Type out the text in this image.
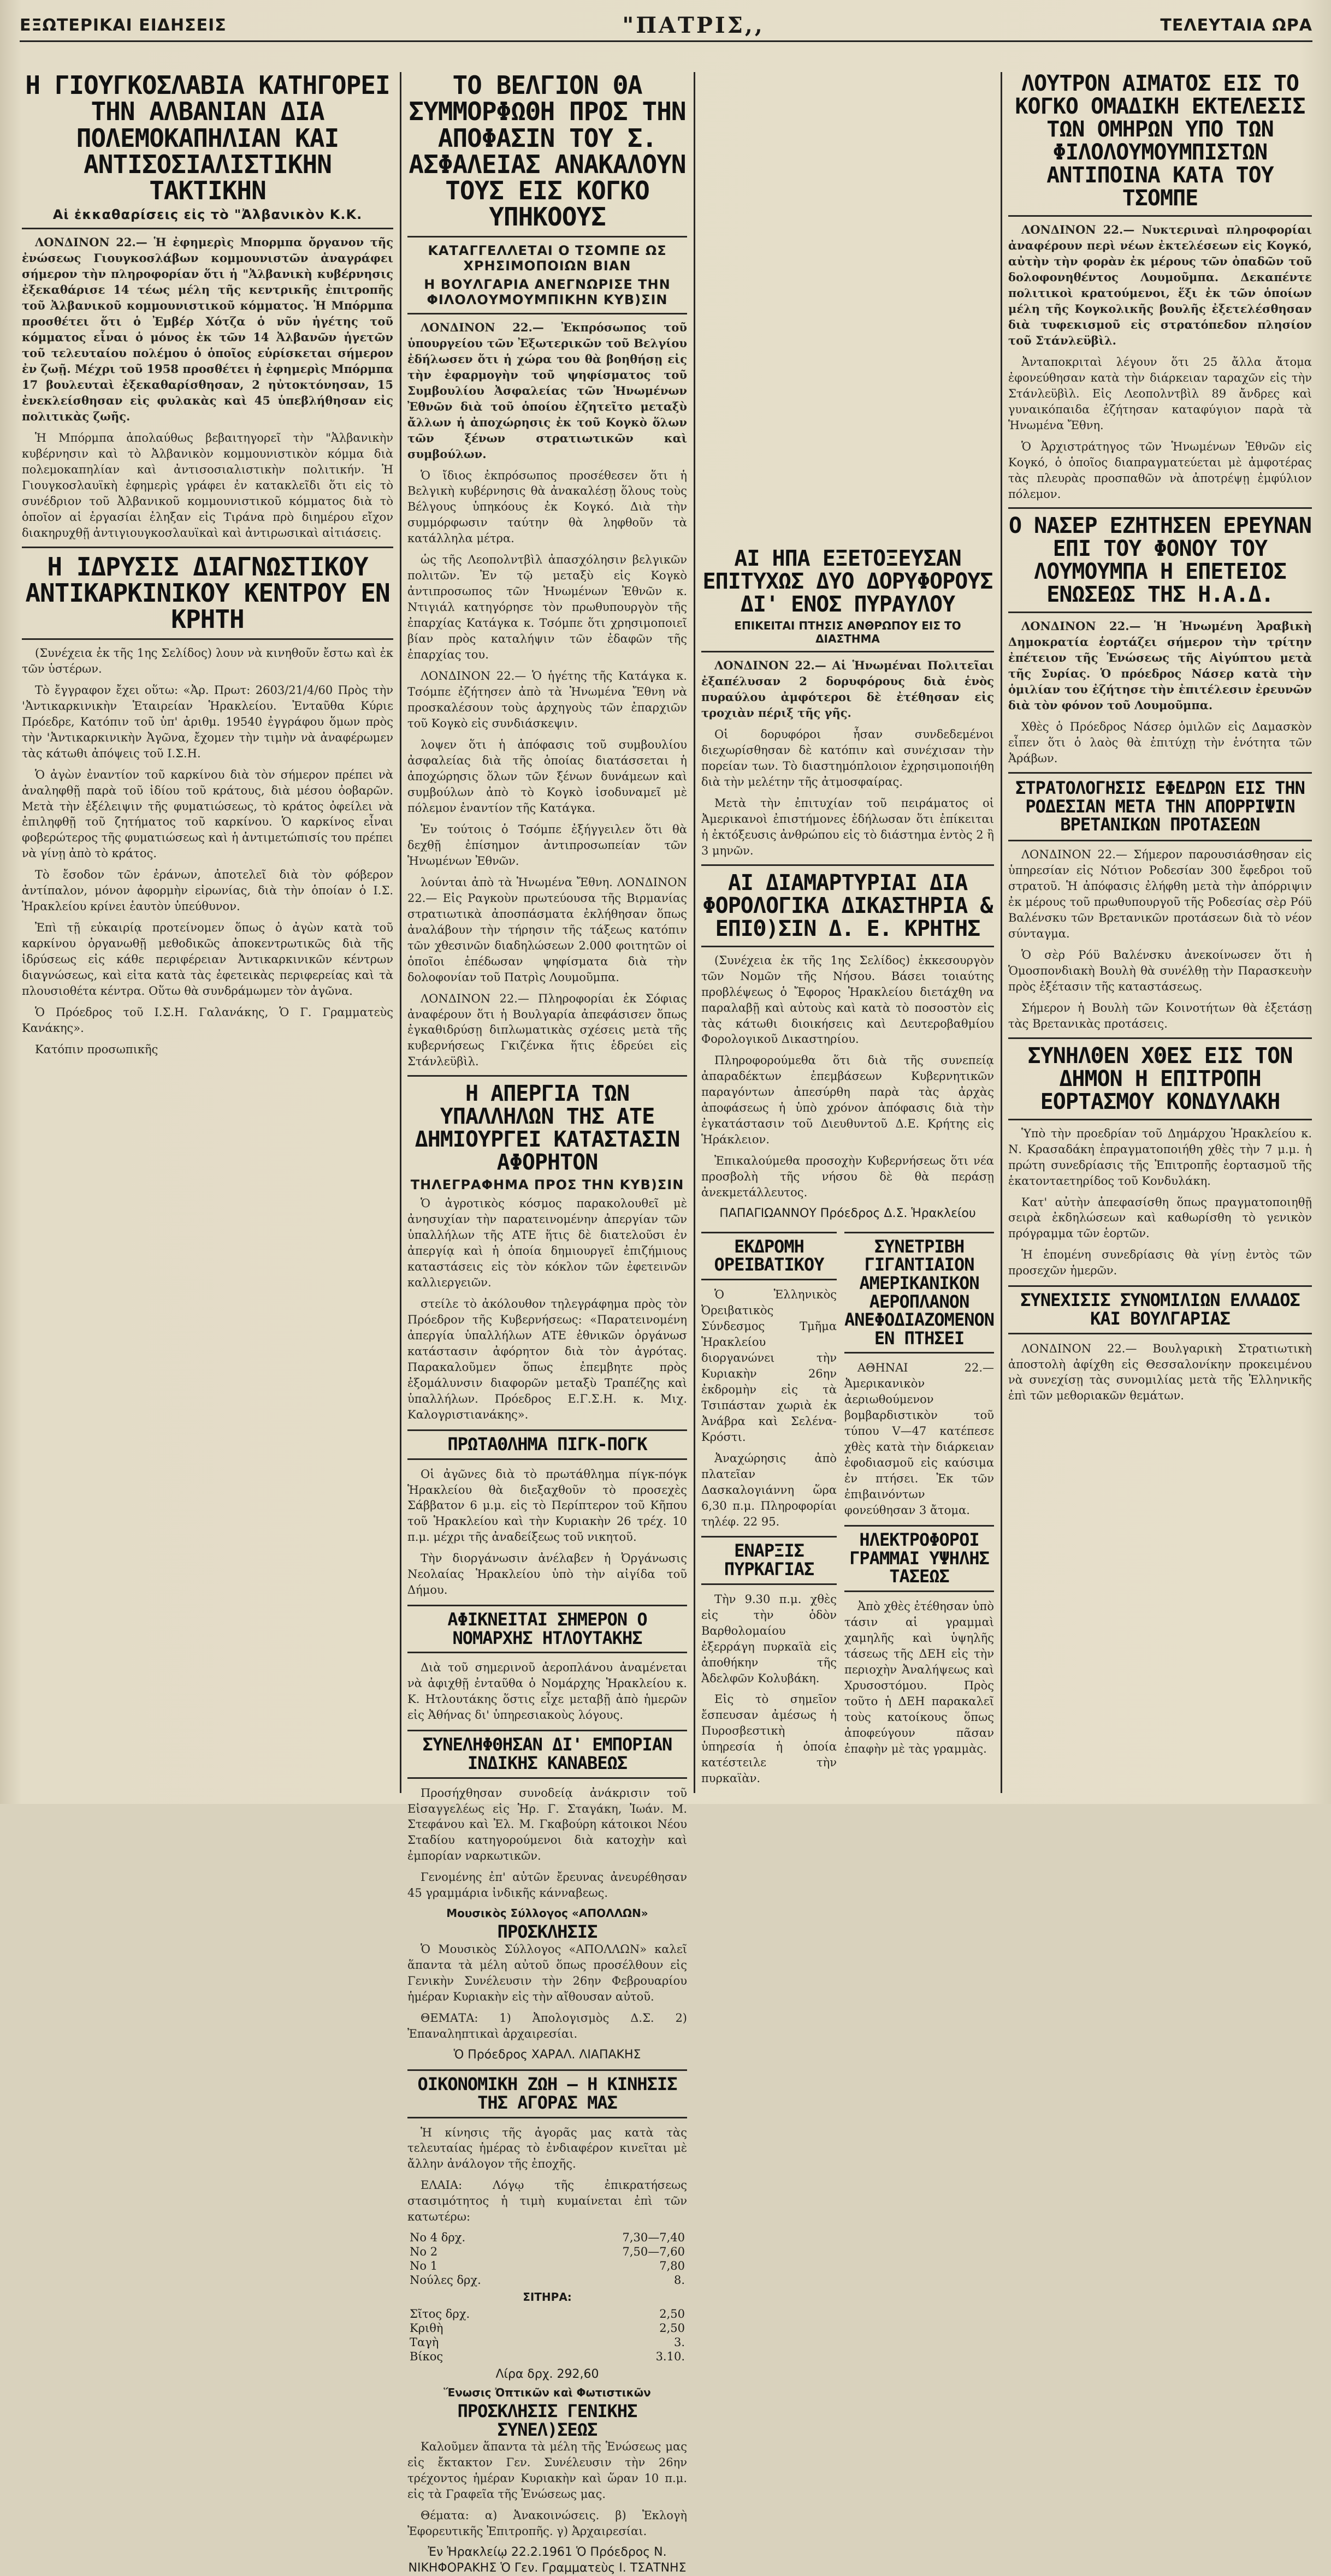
ΕΞΩΤΕΡΙΚΑΙ ΕΙΔΗΣΕΙΣ	"ΠΑΤΡΙΣ,,	ΤΕΛΕΥΤΑΙΑ ΩΡΑ
Η ΓΙΟΥΓΚΟΣΛΑΒΙΑ ΚΑΤΗΓΟΡΕΙ ΤΗΝ ΑΛΒΑΝΙΑΝ ΔΙΑ ΠΟΛΕΜΟΚΑΠΗΛΙΑΝ ΚΑΙ ΑΝΤΙΣΟΣΙΑΛΙΣΤΙΚΗΝ ΤΑΚΤΙΚΗΝ
Αἱ ἐκκαθαρίσεις εἰς τὸ "Ἀλβανικὸν Κ.Κ.

ΛΟΝΔΙΝΟΝ 22.— Ἡ ἐφημερὶς Μπορμπα ὄργανον τῆς ἐνώσεως Γιουγκοσλάβων κομμουνιστῶν ἀναγράφει σήμερον τὴν πληροφορίαν ὅτι ἡ "Ἀλβανικὴ κυβέρνησις ἐξεκαθάρισε 14 τέως μέλη τῆς κεντρικῆς ἐπιτροπῆς τοῦ Ἀλβανικοῦ κομμουνιστικοῦ κόμματος. Ἡ Μπόρμπα προσθέτει ὅτι ὁ Ἐμβέρ Χότζα ὁ νῦν ἡγέτης τοῦ κόμματος εἶναι ὁ μόνος ἐκ τῶν 14 Ἀλβανῶν ἡγετῶν τοῦ τελευταίου πολέμου ὁ ὁποῖος εὑρίσκεται σήμερον ἐν ζωῇ. Μέχρι τοῦ 1958 προσθέτει ἡ ἐφημερὶς Μπόρμπα 17 βουλευταὶ ἐξεκαθαρίσθησαν, 2 ηὐτοκτόνησαν, 15 ἐνεκλείσθησαν εἰς φυλακὰς καὶ 45 ὑπεβλήθησαν εἰς πολιτικὰς ζωῆς.

Ἡ Μπόρμπα ἀπολαύθως βεβαιτηγορεῖ τὴν "Ἀλβανικὴν κυβέρνησιν καὶ τὸ Ἀλβανικὸν κομμουνιστικὸν κόμμα διὰ πολεμοκαπηλίαν καὶ ἀντισοσιαλιστικὴν πολιτικήν. Ἡ Γιουγκοσλαυϊκὴ ἐφημερὶς γράφει ἐν κατακλεῖδι ὅτι εἰς τὸ συνέδριον τοῦ Ἀλβανικοῦ κομμουνιστικοῦ κόμματος διὰ τὸ ὁποῖον αἱ ἐργασίαι ἐληξαν εἰς Τιράνα πρὸ διημέρου εἴχον διακηρυχθῇ ἀντιγιουγκοσλαυϊκαὶ καὶ ἀντιρωσικαὶ αἰτιάσεις.

Η ΙΔΡΥΣΙΣ ΔΙΑΓΝΩΣΤΙΚΟΥ ΑΝΤΙΚΑΡΚΙΝΙΚΟΥ ΚΕΝΤΡΟΥ ΕΝ ΚΡΗΤΗ

(Συνέχεια ἐκ τῆς 1ης Σελίδος) λουν νὰ κινηθοῦν ἔστω καὶ ἐκ τῶν ὑστέρων.

Τὸ ἔγγραφον ἔχει οὕτω: «Ἀρ. Πρωτ: 2603/21/4/60 Πρὸς τὴν 'Ἀντικαρκινικὴν Ἑταιρείαν Ἡρακλείου. Ἐνταῦθα Κύριε Πρόεδρε, Κατόπιν τοῦ ὑπ' ἀριθμ. 19540 ἐγγράφου ὅμων πρὸς τὴν 'Ἀντικαρκινικὴν Ἀγῶνα, ἔχομεν τὴν τιμὴν νὰ ἀναφέρωμεν τὰς κάτωθι ἀπόψεις τοῦ Ι.Σ.Η.

Ὁ ἀγὼν ἐναντίον τοῦ καρκίνου διὰ τὸν σήμερον πρέπει νὰ ἀναληφθῇ παρὰ τοῦ ἰδίου τοῦ κράτους, διὰ μέσου ὀοβαρῶν. Μετὰ τὴν ἐξέλειψιν τῆς φυματιώσεως, τὸ κράτος ὀφείλει νὰ ἐπιληφθῇ τοῦ ζητήματος τοῦ καρκίνου. Ὁ καρκίνος εἶναι φοβερώτερος τῆς φυματιώσεως καὶ ἡ ἀντιμετώπισίς του πρέπει νὰ γίνῃ ἀπὸ τὸ κράτος.

Τὸ ἔσοδον τῶν ἐράνων, ἀποτελεῖ διὰ τὸν φόβερον ἀντίπαλον, μόνον ἀφορμὴν εἰρωνίας, διὰ τὴν ὁποίαν ὁ Ι.Σ. Ἡρακλείου κρίνει ἑαυτὸν ὑπεύθυνον.

Ἐπὶ τῇ εὐκαιρίᾳ προτείνομεν ὅπως ὁ ἀγὼν κατὰ τοῦ καρκίνου ὀργανωθῇ μεθοδικῶς ἀποκεντρωτικῶς διὰ τῆς ἱδρύσεως εἰς κάθε περιφέρειαν Ἀντικαρκινικῶν κέντρων διαγνώσεως, καὶ εἰτα κατὰ τὰς ἐφετεικὰς περιφερείας καὶ τὰ πλουσιοθέτα κέντρα. Οὕτω θὰ συνδράμωμεν τὸν ἀγῶνα.

Ὁ Πρόεδρος τοῦ Ι.Σ.Η. Γαλανάκης, Ὁ Γ. Γραμματεὺς Κανάκης».

Κατόπιν προσωπικῆς

ΤΟ ΒΕΛΓΙΟΝ ΘΑ ΣΥΜΜΟΡΦΩΘΗ ΠΡΟΣ ΤΗΝ ΑΠΟΦΑΣΙΝ ΤΟΥ Σ. ΑΣΦΑΛΕΙΑΣ ΑΝΑΚΑΛΟΥΝ ΤΟΥΣ ΕΙΣ ΚΟΓΚΟ ΥΠΗΚΟΟΥΣ
ΚΑΤΑΓΓΕΛΛΕΤΑΙ Ο ΤΣΟΜΠΕ ΩΣ ΧΡΗΣΙΜΟΠΟΙΩΝ ΒΙΑΝ
Η ΒΟΥΛΓΑΡΙΑ ΑΝΕΓΝΩΡΙΣΕ ΤΗΝ ΦΙΛΟΛΟΥΜΟΥΜΠΙΚΗΝ ΚΥΒ)ΣΙΝ

ΛΟΝΔΙΝΟΝ 22.— Ἐκπρόσωπος τοῦ ὑπουργείου τῶν Ἐξωτερικῶν τοῦ Βελγίου ἐδήλωσεν ὅτι ἡ χώρα του θὰ βοηθήσῃ εἰς τὴν ἐφαρμογὴν τοῦ ψηφίσματος τοῦ Συμβουλίου Ἀσφαλείας τῶν Ἡνωμένων Ἐθνῶν διὰ τοῦ ὁποίου ἐζητεῖτο μεταξὺ ἄλλων ἡ ἀποχώρησις ἐκ τοῦ Κογκὸ ὅλων τῶν ξένων στρατιωτικῶν καὶ συμβούλων.

Ὁ ἴδιος ἐκπρόσωπος προσέθεσεν ὅτι ἡ Βελγικὴ κυβέρνησις θὰ ἀνακαλέσῃ ὅλους τοὺς Βέλγους ὑπηκόους ἐκ Κογκό. Διὰ τὴν συμμόρφωσιν ταύτην θὰ ληφθοῦν τὰ κατάλληλα μέτρα.

ὡς τῆς Λεοπολντβὶλ ἀπασχόλησιν βελγικῶν πολιτῶν. Ἐν τῷ μεταξὺ εἰς Κογκὸ ἀντιπροσωπος τῶν Ἡνωμένων Ἐθνῶν κ. Ντιγιάλ κατηγόρησε τὸν πρωθυπουργὸν τῆς ἐπαρχίας Κατάγκα κ. Τσόμπε ὅτι χρησιμοποιεῖ βίαν πρὸς καταλήψιν τῶν ἐδαφῶν τῆς ἐπαρχίας του.

ΛΟΝΔΙΝΟΝ 22.— Ὁ ἡγέτης τῆς Κατάγκα κ. Τσόμπε ἐζήτησεν ἀπὸ τὰ Ἡνωμένα Ἔθνη νὰ προσκαλέσουν τοὺς ἀρχηγοὺς τῶν ἐπαρχιῶν τοῦ Κογκὸ εἰς συνδιάσκεψιν.

λοψεν ὅτι ἡ ἀπόφασις τοῦ συμβουλίου ἀσφαλείας διὰ τῆς ὁποίας διατάσσεται ἡ ἀποχώρησις ὅλων τῶν ξένων δυνάμεων καὶ συμβούλων ἀπὸ τὸ Κογκὸ ἰσοδυναμεῖ μὲ πόλεμον ἐναντίον τῆς Κατάγκα.

Ἐν τούτοις ὁ Τσόμπε ἐξήγγειλεν ὅτι θὰ δεχθῇ ἐπίσημον ἀντιπροσωπείαν τῶν Ἡνωμένων Ἐθνῶν.

λούνται ἀπὸ τὰ Ἡνωμένα Ἔθνη. ΛΟΝΔΙΝΟΝ 22.— Εἰς Ραγκοὺν πρωτεύουσα τῆς Βιρμανίας στρατιωτικὰ ἀποσπάσματα ἐκλήθησαν ὅπως ἀναλάβουν τὴν τήρησιν τῆς τάξεως κατόπιν τῶν χθεσινῶν διαδηλώσεων 2.000 φοιτητῶν οἱ ὁποῖοι ἐπέδωσαν ψηφίσματα διὰ τὴν δολοφονίαν τοῦ Πατρὶς Λουμοῦμπα.

ΛΟΝΔΙΝΟΝ 22.— Πληροφορίαι ἐκ Σόφιας ἀναφέρουν ὅτι ἡ Βουλγαρία ἀπεφάσισεν ὅπως ἐγκαθιδρύσῃ διπλωματικὰς σχέσεις μετὰ τῆς κυβερνήσεως Γκιζένκα ἥτις ἑδρεύει εἰς Στάνλεϋβὶλ.

Η ΑΠΕΡΓΙΑ ΤΩΝ ΥΠΑΛΛΗΛΩΝ ΤΗΣ ΑΤΕ ΔΗΜΙΟΥΡΓΕΙ ΚΑΤΑΣΤΑΣΙΝ ΑΦΟΡΗΤΟΝ
ΤΗΛΕΓΡΑΦΗΜΑ ΠΡΟΣ ΤΗΝ ΚΥΒ)ΣΙΝ

Ὁ ἀγροτικὸς κόσμος παρακολουθεῖ μὲ ἀνησυχίαν τὴν παρατεινομένην ἀπεργίαν τῶν ὑπαλλήλων τῆς ΑΤΕ ἥτις δὲ διατελοῦσι ἐν ἀπεργίᾳ καὶ ἡ ὁποία δημιουργεῖ ἐπιζήμιους καταστάσεις εἰς τὸν κόκλον τῶν ἐφετεινῶν καλλιεργειῶν.

στείλε τὸ ἀκόλουθον τηλεγράφημα πρὸς τὸν Πρόεδρον τῆς Κυβερνήσεως: «Παρατεινομένη ἀπεργία ὑπαλλήλων ΑΤΕ ἐθνικῶν ὀργάνωσ κατάστασιν ἀφόρητον διὰ τὸν ἀγρότας. Παρακαλοῦμεν ὅπως ἐπεμβητε πρὸς ἐξομάλυνσιν διαφορῶν μεταξὺ Τραπέζης καὶ ὑπαλλήλων. Πρόεδρος Ε.Γ.Σ.Η. κ. Μιχ. Καλογριστιανάκης».

ΠΡΩΤΑΘΛΗΜΑ ΠΙΓΚ-ΠΟΓΚ

Οἱ ἀγῶνες διὰ τὸ πρωτάθλημα πίγκ-πόγκ Ἡρακλείου θὰ διεξαχθοῦν τὸ προσεχὲς Σάββατον 6 μ.μ. εἰς τὸ Περίπτερον τοῦ Κῆπου τοῦ Ἡρακλείου καὶ τὴν Κυριακὴν 26 τρέχ. 10 π.μ. μέχρι τῆς ἀναδείξεως τοῦ νικητοῦ.

Τὴν διοργάνωσιν ἀνέλαβεν ἡ Ὀργάνωσις Νεολαίας Ἡρακλείου ὑπὸ τὴν αἰγίδα τοῦ Δήμου.

ΑΦΙΚΝΕΙΤΑΙ ΣΗΜΕΡΟΝ Ο ΝΟΜΑΡΧΗΣ ΗΤΛΟΥΤΑΚΗΣ

Διὰ τοῦ σημερινοῦ ἀεροπλάνου ἀναμένεται νὰ ἀφιχθῇ ἐνταῦθα ὁ Νομάρχης Ἡρακλείου κ. Κ. Ητλουτάκης ὅστις εἶχε μεταβῇ ἀπὸ ἡμερῶν εἰς Ἀθήνας δι' ὑπηρεσιακοὺς λόγους.

ΣΥΝΕΛΗΦΘΗΣΑΝ ΔΙ' ΕΜΠΟΡΙΑΝ ΙΝΔΙΚΗΣ ΚΑΝΑΒΕΩΣ

Προσήχθησαν συνοδείᾳ ἀνάκρισιν τοῦ Εἰσαγγελέως εἰς Ἡρ. Γ. Σταγάκη, Ἰωάν. Μ. Στεφάνου καὶ Ἐλ. Μ. Γκαβούρη κάτοικοι Νέου Σταδίου κατηγορούμενοι διὰ κατοχὴν καὶ ἐμπορίαν ναρκωτικῶν.

Γενομένης ἐπ' αὐτῶν ἔρευνας ἀνευρέθησαν 45 γραμμάρια ἰνδικῆς κάνναβεως.

Μουσικὸς Σύλλογος «ΑΠΟΛΛΩΝ»
ΠΡΟΣΚΛΗΣΙΣ

Ὁ Μουσικὸς Σύλλογος «ΑΠΟΛΛΩΝ» καλεῖ ἅπαντα τὰ μέλη αὐτοῦ ὅπως προσέλθουν εἰς Γενικὴν Συνέλευσιν τὴν 26ην Φεβρουαρίου ἡμέραν Κυριακὴν εἰς τὴν αἴθουσαν αὐτοῦ.

ΘΕΜΑΤΑ: 1) Ἀπολογισμὸς Δ.Σ. 2) Ἐπαναληπτικαὶ ἀρχαιρεσίαι.

Ὁ Πρόεδρος ΧΑΡΑΛ. ΛΙΑΠΑΚΗΣ
ΟΙΚΟΝΟΜΙΚΗ ΖΩΗ — Η ΚΙΝΗΣΙΣ ΤΗΣ ΑΓΟΡΑΣ ΜΑΣ

Ἡ κίνησις τῆς ἀγορᾶς μας κατὰ τὰς τελευταίας ἡμέρας τὸ ἐνδιαφέρον κινεῖται μὲ ἄλλην ἀνάλογον τῆς ἐποχῆς.

ΕΛΑΙΑ: Λόγῳ τῆς ἐπικρατήσεως στασιμότητος ἡ τιμὴ κυμαίνεται ἐπὶ τῶν κατωτέρω:

Νο 4 δρχ.	7,30—7,40
Νο 2	7,50—7,60
Νο 1	7,80
Νούλες δρχ.	8.
ΣΙΤΗΡΑ:
Σῖτος δρχ.	2,50
Κριθὴ	2,50
Ταγὴ	3.
Βίκος	3.10.
Λίρα δρχ. 292,60
Ἕνωσις Ὀπτικῶν καὶ Φωτιστικῶν
ΠΡΟΣΚΛΗΣΙΣ ΓΕΝΙΚΗΣ ΣΥΝΕΛ)ΣΕΩΣ

Καλοῦμεν ἅπαντα τὰ μέλη τῆς Ἑνώσεως μας εἰς ἔκτακτον Γεν. Συνέλευσιν τὴν 26ην τρέχοντος ἡμέραν Κυριακὴν καὶ ὥραν 10 π.μ. εἰς τὰ Γραφεῖα τῆς Ἑνώσεως μας.

Θέματα: α) Ἀνακοινώσεις. β) Ἐκλογὴ Ἐφορευτικῆς Ἐπιτροπῆς. γ) Ἀρχαιρεσίαι.

Ἐν Ἡρακλείῳ 22.2.1961 Ὁ Πρόεδρος Ν. ΝΙΚΗΦΟΡΑΚΗΣ Ὁ Γεν. Γραμματεὺς Ι. ΤΣΑΤΝΗΣ
ΑΙ ΗΠΑ ΕΞΕΤΟΞΕΥΣΑΝ ΕΠΙΤΥΧΩΣ ΔΥΟ ΔΟΡΥΦΟΡΟΥΣ ΔΙ' ΕΝΟΣ ΠΥΡΑΥΛΟΥ
ΕΠΙΚΕΙΤΑΙ ΠΤΗΣΙΣ ΑΝΘΡΩΠΟΥ ΕΙΣ ΤΟ ΔΙΑΣΤΗΜΑ

ΛΟΝΔΙΝΟΝ 22.— Αἱ Ἡνωμέναι Πολιτεῖαι ἐξαπέλυσαν 2 δορυφόρους διὰ ἑνὸς πυραύλου ἀμφότεροι δὲ ἐτέθησαν εἰς τροχιὰν πέριξ τῆς γῆς.

Οἱ δορυφόροι ἦσαν συνδεδεμένοι διεχωρίσθησαν δὲ κατόπιν καὶ συνέχισαν τὴν πορείαν των. Τὸ διαστημόπλοιον ἐχρησιμοποιήθη διὰ τὴν μελέτην τῆς ἀτμοσφαίρας.

Μετὰ τὴν ἐπιτυχίαν τοῦ πειράματος οἱ Ἀμερικανοὶ ἐπιστήμονες ἐδήλωσαν ὅτι ἐπίκειται ἡ ἐκτόξευσις ἀνθρώπου εἰς τὸ διάστημα ἐντὸς 2 ἢ 3 μηνῶν.

ΑΙ ΔΙΑΜΑΡΤΥΡΙΑΙ ΔΙΑ ΦΟΡΟΛΟΓΙΚΑ ΔΙΚΑΣΤΗΡΙΑ & ΕΠΙΘ)ΣΙΝ Δ. Ε. ΚΡΗΤΗΣ

(Συνέχεια ἐκ τῆς 1ης Σελίδος) ἐκκεσουργὸν τῶν Νομῶν τῆς Νήσου. Βάσει τοιαύτης προβλέψεως ὁ Ἔφορος Ἡρακλείου διετάχθη να παραλαβῇ καὶ αὐτοὺς καὶ κατὰ τὸ ποσοστὸν εἰς τὰς κάτωθι διοικήσεις καὶ Δευτεροβαθμίου Φορολογικοῦ Δικαστηρίου.

Πληροφορούμεθα ὅτι διὰ τῆς συνεπείᾳ ἀπαραδέκτων ἐπεμβάσεων Κυβερνητικῶν παραγόντων ἀπεσύρθη παρὰ τὰς ἀρχὰς ἀποφάσεως ἡ ὑπὸ χρόνον ἀπόφασις διὰ τὴν ἐγκατάστασιν τοῦ Διευθυντοῦ Δ.Ε. Κρήτης εἰς Ἡράκλειον.

Ἐπικαλούμεθα προσοχὴν Κυβερνήσεως ὅτι νέα προσβολὴ τῆς νήσου δὲ θὰ περάσῃ ἀνεκμετάλλευτος.

ΠΑΠΑΓΙΩΑΝΝΟΥ Πρόεδρος Δ.Σ. Ἡρακλείου
ΕΚΔΡΟΜΗ ΟΡΕΙΒΑΤΙΚΟΥ

Ὁ Ἑλληνικὸς Ὀρειβατικὸς Σύνδεσμος Τμῆμα Ἡρακλείου διοργανώνει τὴν Κυριακὴν 26ην ἐκδρομὴν εἰς τὰ Τσιπάσταν χωριὰ ἐκ Ἀνάβρα καὶ Σελένα-Κρόστι.

Ἀναχώρησις ἀπὸ πλατεῖαν Δασκαλογιάννη ὥρα 6,30 π.μ. Πληροφορίαι τηλέφ. 22 95.

ΕΝΑΡΞΙΣ ΠΥΡΚΑΓΙΑΣ

Τὴν 9.30 π.μ. χθὲς εἰς τὴν ὁδὸν Βαρθολομαίου ἐξερράγη πυρκαϊὰ εἰς ἀποθήκην τῆς Ἀδελφῶν Κολυβάκη.

Εἰς τὸ σημεῖον ἔσπευσαν ἀμέσως ἡ Πυροσβεστικὴ ὑπηρεσία ἡ ὁποία κατέστειλε τὴν πυρκαϊὰν.

ΣΥΝΕΤΡΙΒΗ ΓΙΓΑΝΤΙΑΙΟΝ ΑΜΕΡΙΚΑΝΙΚΟΝ ΑΕΡΟΠΛΑΝΟΝ ΑΝΕΦΟΔΙΑΖΟΜΕΝΟΝ ΕΝ ΠΤΗΣΕΙ

ΑΘΗΝΑΙ 22.— Ἀμερικανικὸν ἀεριωθούμενον βομβαρδιστικὸν τοῦ τύπου V—47 κατέπεσε χθὲς κατὰ τὴν διάρκειαν ἐφοδιασμοῦ εἰς καύσιμα ἐν πτήσει. Ἐκ τῶν ἐπιβαινόντων φονεύθησαν 3 ἄτομα.

ΗΛΕΚΤΡΟΦΟΡΟΙ ΓΡΑΜΜΑΙ ΥΨΗΛΗΣ ΤΑΣΕΩΣ

Ἀπὸ χθὲς ἐτέθησαν ὑπὸ τάσιν αἱ γραμμαὶ χαμηλῆς καὶ ὑψηλῆς τάσεως τῆς ΔΕΗ εἰς τὴν περιοχὴν Ἀναλήψεως καὶ Χρυσοστόμου. Πρὸς τοῦτο ἡ ΔΕΗ παρακαλεῖ τοὺς κατοίκους ὅπως ἀποφεύγουν πᾶσαν ἐπαφὴν μὲ τὰς γραμμὰς.

ΛΟΥΤΡΟΝ ΑΙΜΑΤΟΣ ΕΙΣ ΤΟ ΚΟΓΚΟ ΟΜΑΔΙΚΗ ΕΚΤΕΛΕΣΙΣ ΤΩΝ ΟΜΗΡΩΝ ΥΠΟ ΤΩΝ ΦΙΛΟΛΟΥΜΟΥΜΠΙΣΤΩΝ ΑΝΤΙΠΟΙΝΑ ΚΑΤΑ ΤΟΥ ΤΣΟΜΠΕ

ΛΟΝΔΙΝΟΝ 22.— Νυκτεριναὶ πληροφορίαι ἀναφέρουν περὶ νέων ἐκτελέσεων εἰς Κογκό, αὐτὴν τὴν φορὰν ἐκ μέρους τῶν ὀπαδῶν τοῦ δολοφονηθέντος Λουμοῦμπα. Δεκαπέντε πολιτικοὶ κρατούμενοι, ἕξι ἐκ τῶν ὁποίων μέλη τῆς Κογκολικῆς βουλῆς ἐξετελέσθησαν διὰ τυφεκισμοῦ εἰς στρατόπεδον πλησίον τοῦ Στάνλεϋβὶλ.

Ἀνταποκριταὶ λέγουν ὅτι 25 ἄλλα ἄτομα ἐφονεύθησαν κατὰ τὴν διάρκειαν ταραχῶν εἰς τὴν Στάνλεϋβὶλ. Εἰς Λεοπολντβὶλ 89 ἄνδρες καὶ γυναικόπαιδα ἐζήτησαν καταφύγιον παρὰ τὰ Ἡνωμένα Ἔθνη.

Ὁ Ἀρχιστράτηγος τῶν Ἡνωμένων Ἐθνῶν εἰς Κογκό, ὁ ὁποῖος διαπραγματεύεται μὲ ἀμφοτέρας τὰς πλευρὰς προσπαθῶν νὰ ἀποτρέψῃ ἐμφύλιον πόλεμον.

Ο ΝΑΣΕΡ ΕΖΗΤΗΣΕΝ ΕΡΕΥΝΑΝ ΕΠΙ ΤΟΥ ΦΟΝΟΥ ΤΟΥ ΛΟΥΜΟΥΜΠΑ Η ΕΠΕΤΕΙΟΣ ΕΝΩΣΕΩΣ ΤΗΣ Η.Α.Δ.

ΛΟΝΔΙΝΟΝ 22.— Ἡ Ἡνωμένη Ἀραβικὴ Δημοκρατία ἑορτάζει σήμερον τὴν τρίτην ἐπέτειον τῆς Ἑνώσεως τῆς Αἰγύπτου μετὰ τῆς Συρίας. Ὁ πρόεδρος Νάσερ κατὰ τὴν ὁμιλίαν του ἐζήτησε τὴν ἐπιτέλεσιν ἐρευνῶν διὰ τὸν φόνον τοῦ Λουμοῦμπα.

Χθὲς ὁ Πρόεδρος Νάσερ ὁμιλῶν εἰς Δαμασκὸν εἶπεν ὅτι ὁ λαὸς θὰ ἐπιτύχῃ τὴν ἑνότητα τῶν Ἀράβων.

ΣΤΡΑΤΟΛΟΓΗΣΙΣ ΕΦΕΔΡΩΝ ΕΙΣ ΤΗΝ ΡΟΔΕΣΙΑΝ ΜΕΤΑ ΤΗΝ ΑΠΟΡΡΙΨΙΝ ΒΡΕΤΑΝΙΚΩΝ ΠΡΟΤΑΣΕΩΝ

ΛΟΝΔΙΝΟΝ 22.— Σήμερον παρουσιάσθησαν εἰς ὑπηρεσίαν εἰς Νότιον Ροδεσίαν 300 ἔφεδροι τοῦ στρατοῦ. Ἡ ἀπόφασις ἐλήφθη μετὰ τὴν ἀπόρριψιν ἐκ μέρους τοῦ πρωθυπουργοῦ τῆς Ροδεσίας σὲρ Ρόϋ Βαλένσκυ τῶν Βρετανικῶν προτάσεων διὰ τὸ νέον σύνταγμα.

Ὁ σὲρ Ρόϋ Βαλένσκυ ἀνεκοίνωσεν ὅτι ἡ Ὁμοσπονδιακὴ Βουλὴ θὰ συνέλθῃ τὴν Παρασκευὴν πρὸς ἐξέτασιν τῆς καταστάσεως.

Σήμερον ἡ Βουλὴ τῶν Κοινοτήτων θὰ ἐξετάσῃ τὰς Βρετανικὰς προτάσεις.

ΣΥΝΗΛΘΕΝ ΧΘΕΣ ΕΙΣ ΤΟΝ ΔΗΜΟΝ Η ΕΠΙΤΡΟΠΗ ΕΟΡΤΑΣΜΟΥ ΚΟΝΔΥΛΑΚΗ

Ὑπὸ τὴν προεδρίαν τοῦ Δημάρχου Ἡρακλείου κ. Ν. Κρασαδάκη ἐπραγματοποιήθη χθὲς τὴν 7 μ.μ. ἡ πρώτη συνεδρίασις τῆς Ἐπιτροπῆς ἑορτασμοῦ τῆς ἑκατονταετηρίδος τοῦ Κονδυλάκη.

Κατ' αὐτὴν ἀπεφασίσθη ὅπως πραγματοποιηθῇ σειρὰ ἐκδηλώσεων καὶ καθωρίσθη τὸ γενικὸν πρόγραμμα τῶν ἑορτῶν.

Ἡ ἑπομένη συνεδρίασις θὰ γίνῃ ἐντὸς τῶν προσεχῶν ἡμερῶν.

ΣΥΝΕΧΙΣΙΣ ΣΥΝΟΜΙΛΙΩΝ ΕΛΛΑΔΟΣ ΚΑΙ ΒΟΥΛΓΑΡΙΑΣ

ΛΟΝΔΙΝΟΝ 22.— Βουλγαρικὴ Στρατιωτικὴ ἀποστολὴ ἀφίχθη εἰς Θεσσαλονίκην προκειμένου νὰ συνεχίσῃ τὰς συνομιλίας μετὰ τῆς Ἑλληνικῆς ἐπὶ τῶν μεθοριακῶν θεμάτων.
